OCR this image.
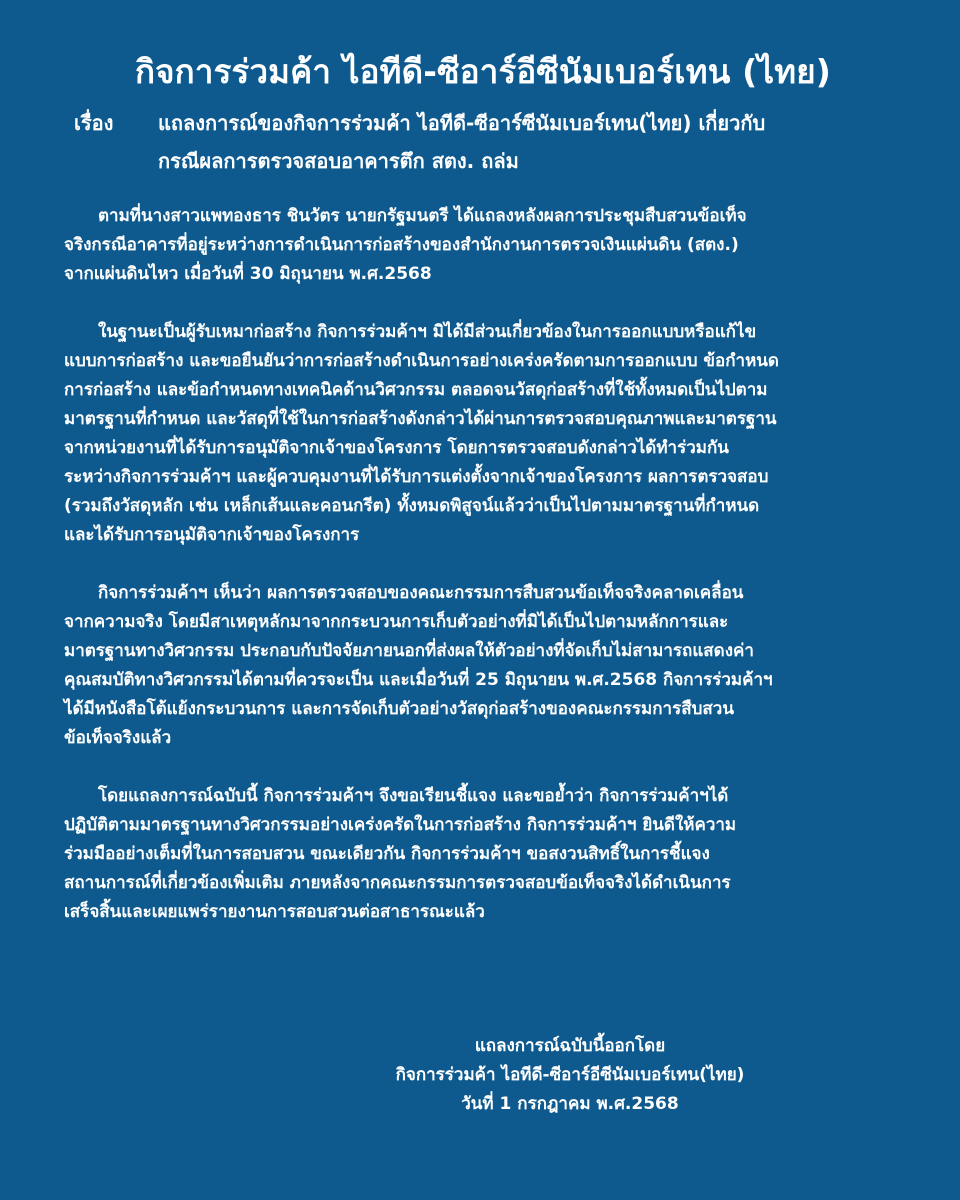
กิจการร่วมค้า ไอทีดี-ซีอาร์อีซีนัมเบอร์เทน (ไทย)
เรื่อง	แถลงการณ์ของกิจการร่วมค้า ไอทีดี-ซีอาร์ซีนัมเบอร์เทน(ไทย) เกี่ยวกับ
กรณีผลการตรวจสอบอาคารตึก สตง. ถล่ม
ตามที่นางสาวแพทองธาร ชินวัตร นายกรัฐมนตรี ได้แถลงหลังผลการประชุมสืบสวนข้อเท็จ
จริงกรณีอาคารที่อยู่ระหว่างการดำเนินการก่อสร้างของสำนักงานการตรวจเงินแผ่นดิน (สตง.)
จากแผ่นดินไหว เมื่อวันที่ 30 มิถุนายน พ.ศ.2568
ในฐานะเป็นผู้รับเหมาก่อสร้าง กิจการร่วมค้าฯ มิได้มีส่วนเกี่ยวข้องในการออกแบบหรือแก้ไข
แบบการก่อสร้าง และขอยืนยันว่าการก่อสร้างดำเนินการอย่างเคร่งครัดตามการออกแบบ ข้อกำหนด
การก่อสร้าง และข้อกำหนดทางเทคนิคด้านวิศวกรรม ตลอดจนวัสดุก่อสร้างที่ใช้ทั้งหมดเป็นไปตาม
มาตรฐานที่กำหนด และวัสดุที่ใช้ในการก่อสร้างดังกล่าวได้ผ่านการตรวจสอบคุณภาพและมาตรฐาน
จากหน่วยงานที่ได้รับการอนุมัติจากเจ้าของโครงการ โดยการตรวจสอบดังกล่าวได้ทำร่วมกัน
ระหว่างกิจการร่วมค้าฯ และผู้ควบคุมงานที่ได้รับการแต่งตั้งจากเจ้าของโครงการ ผลการตรวจสอบ
(รวมถึงวัสดุหลัก เช่น เหล็กเส้นและคอนกรีต) ทั้งหมดพิสูจน์แล้วว่าเป็นไปตามมาตรฐานที่กำหนด
และได้รับการอนุมัติจากเจ้าของโครงการ
กิจการร่วมค้าฯ เห็นว่า ผลการตรวจสอบของคณะกรรมการสืบสวนข้อเท็จจริงคลาดเคลื่อน
จากความจริง โดยมีสาเหตุหลักมาจากกระบวนการเก็บตัวอย่างที่มิได้เป็นไปตามหลักการและ
มาตรฐานทางวิศวกรรม ประกอบกับปัจจัยภายนอกที่ส่งผลให้ตัวอย่างที่จัดเก็บไม่สามารถแสดงค่า
คุณสมบัติทางวิศวกรรมได้ตามที่ควรจะเป็น และเมื่อวันที่ 25 มิถุนายน พ.ศ.2568 กิจการร่วมค้าฯ
ได้มีหนังสือโต้แย้งกระบวนการ และการจัดเก็บตัวอย่างวัสดุก่อสร้างของคณะกรรมการสืบสวน
ข้อเท็จจริงแล้ว
โดยแถลงการณ์ฉบับนี้ กิจการร่วมค้าฯ จึงขอเรียนชี้แจง และขอย้ำว่า กิจการร่วมค้าฯได้
ปฏิบัติตามมาตรฐานทางวิศวกรรมอย่างเคร่งครัดในการก่อสร้าง กิจการร่วมค้าฯ ยินดีให้ความ
ร่วมมืออย่างเต็มที่ในการสอบสวน ขณะเดียวกัน กิจการร่วมค้าฯ ขอสงวนสิทธิ์ในการชี้แจง
สถานการณ์ที่เกี่ยวข้องเพิ่มเติม ภายหลังจากคณะกรรมการตรวจสอบข้อเท็จจริงได้ดำเนินการ
เสร็จสิ้นและเผยแพร่รายงานการสอบสวนต่อสาธารณะแล้ว
แถลงการณ์ฉบับนี้ออกโดย
กิจการร่วมค้า ไอทีดี-ซีอาร์อีซีนัมเบอร์เทน(ไทย)
วันที่ 1 กรกฎาคม พ.ศ.2568
